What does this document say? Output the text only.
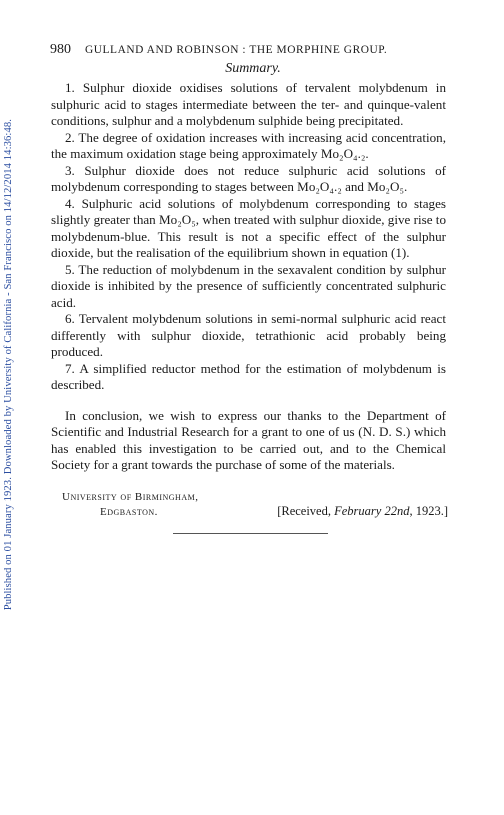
Published on 01 January 1923. Downloaded by University of California - San Francisco on 14/12/2014 14:36:48.
980 GULLAND AND ROBINSON : THE MORPHINE GROUP.
Summary.

1. Sulphur dioxide oxidises solutions of tervalent molybdenum in sulphuric acid to stages intermediate between the ter- and quinque-valent conditions, sulphur and a molybdenum sulphide being precipitated.

2. The degree of oxidation increases with increasing acid concentration, the maximum oxidation stage being approximately Mo₂O₄.₂.

3. Sulphur dioxide does not reduce sulphuric acid solutions of molybdenum corresponding to stages between Mo₂O₄.₂ and Mo₂O₅.

4. Sulphuric acid solutions of molybdenum corresponding to stages slightly greater than Mo₂O₅, when treated with sulphur dioxide, give rise to molybdenum-blue. This result is not a specific effect of the sulphur dioxide, but the realisation of the equilibrium shown in equation (1).

5. The reduction of molybdenum in the sexavalent condition by sulphur dioxide is inhibited by the presence of sufficiently concentrated sulphuric acid.

6. Tervalent molybdenum solutions in semi-normal sulphuric acid react differently with sulphur dioxide, tetrathionic acid probably being produced.

7. A simplified reductor method for the estimation of molybdenum is described.

In conclusion, we wish to express our thanks to the Department of Scientific and Industrial Research for a grant to one of us (N. D. S.) which has enabled this investigation to be carried out, and to the Chemical Society for a grant towards the purchase of some of the materials.

University of Birmingham,
Edgbaston.	[Received, February 22nd, 1923.]
